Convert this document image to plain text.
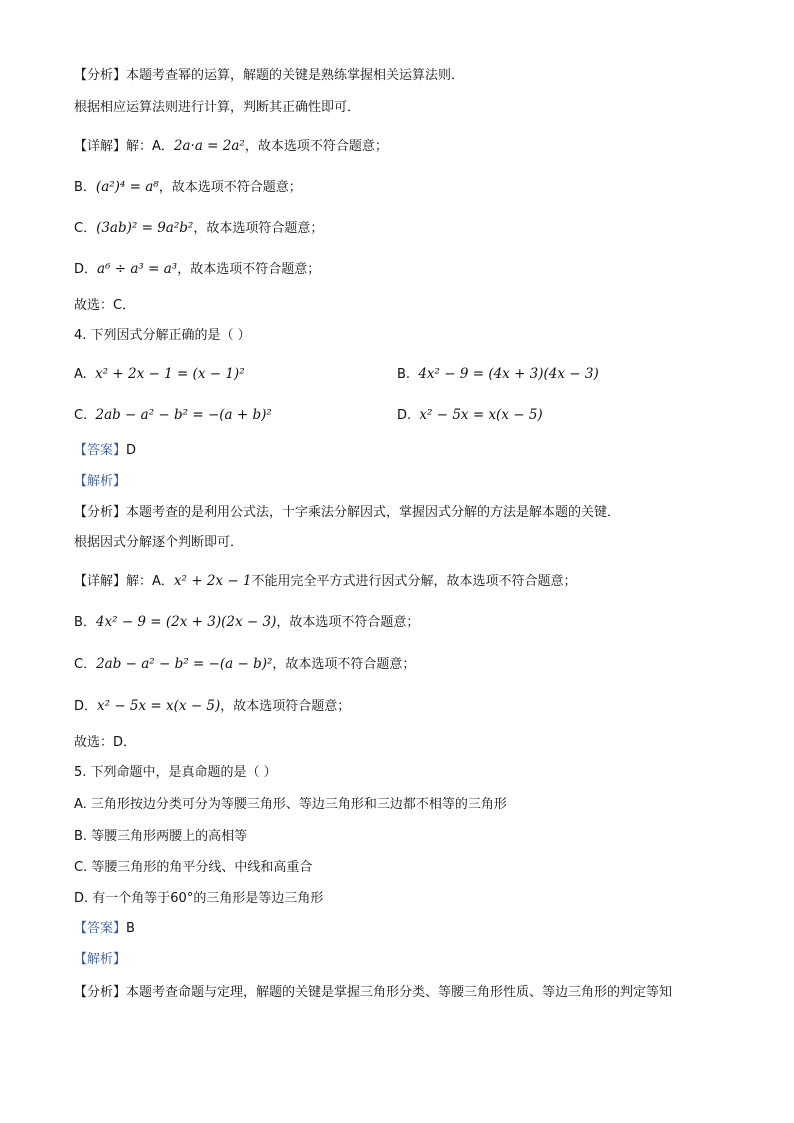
【分析】本题考查幂的运算，解题的关键是熟练掌握相关运算法则．
根据相应运算法则进行计算，判断其正确性即可．
【详解】解：A．2a·a = 2a²，故本选项不符合题意；
B．(a²)⁴ = a⁸，故本选项不符合题意；
C．(3ab)² = 9a²b²，故本选项符合题意；
D．a⁶ ÷ a³ = a³，故本选项不符合题意；
故选：C．
4. 下列因式分解正确的是（ ）
A. x² + 2x − 1 = (x − 1)²	B. 4x² − 9 = (4x + 3)(4x − 3)
C. 2ab − a² − b² = −(a + b)²	D. x² − 5x = x(x − 5)
【答案】D
【解析】
【分析】本题考查的是利用公式法，十字乘法分解因式，掌握因式分解的方法是解本题的关键．
根据因式分解逐个判断即可．
【详解】解：A．x² + 2x − 1不能用完全平方式进行因式分解，故本选项不符合题意；
B．4x² − 9 = (2x + 3)(2x − 3)，故本选项不符合题意；
C．2ab − a² − b² = −(a − b)²，故本选项不符合题意；
D．x² − 5x = x(x − 5)，故本选项符合题意；
故选：D．
5. 下列命题中，是真命题的是（ ）
A. 三角形按边分类可分为等腰三角形、等边三角形和三边都不相等的三角形
B. 等腰三角形两腰上的高相等
C. 等腰三角形的角平分线、中线和高重合
D. 有一个角等于60°的三角形是等边三角形
【答案】B
【解析】
【分析】本题考查命题与定理，解题的关键是掌握三角形分类、等腰三角形性质、等边三角形的判定等知
